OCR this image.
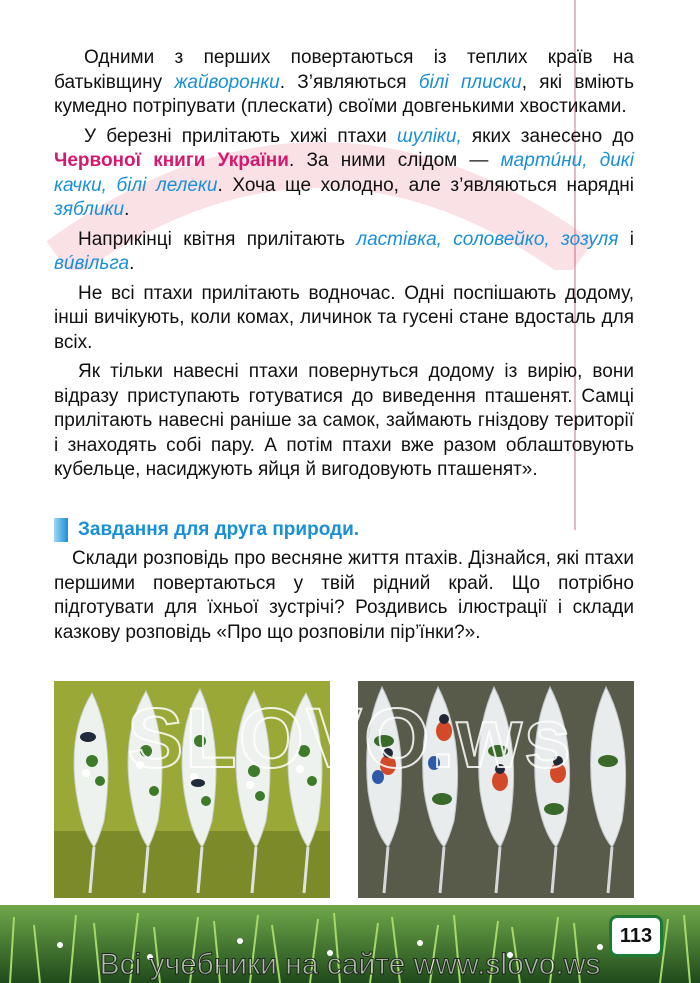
Одними з перших повертаються із теплих країв на батьківщину жайворонки. З’являються білі плиски, які вміють кумедно потріпувати (плескати) своїми довгенькими хвостиками.

У березні прилітають хижі птахи шуліки, яких занесено до Червоної книги України. За ними слідом — мартúни, дикі качки, білі лелеки. Хоча ще холодно, але з’являються нарядні зяблики.

Наприкінці квітня прилітають ластівка, соловейко, зозуля і вúвільга.

Не всі птахи прилітають водночас. Одні поспішають додому, інші вичікують, коли комах, личинок та гусені стане вдосталь для всіх.

Як тільки навесні птахи повернуться додому із вирію, вони відразу приступають готуватися до виведення пташенят. Самці прилітають навесні раніше за самок, займають гніздову території і знаходять собі пару. А потім птахи вже разом облаштовують кубельце, насиджують яйця й вигодовують пташенят».

Завдання для друга природи.

Склади розповідь про весняне життя птахів. Дізнайся, які птахи першими повертаються у твій рідний край. Що потрібно підготувати для їхньої зустрічі? Роздивись ілюстрації і склади казкову розповідь «Про що розповіли пір’їнки?».

SLOVO.ws
113
Всі учебники на сайте www.slovo.ws
